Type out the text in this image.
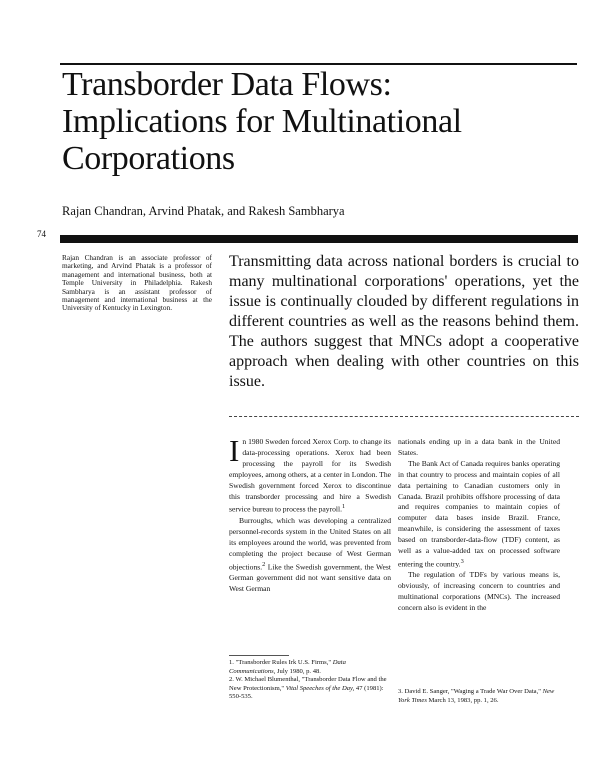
Transborder Data Flows:
Implications for Multinational
Corporations
Rajan Chandran, Arvind Phatak, and Rakesh Sambharya
74

Rajan Chandran is an associate professor of marketing, and Arvind Phatak is a professor of management and international business, both at Temple University in Philadelphia. Rakesh Sambharya is an assistant professor of management and international business at the University of Kentucky in Lexington.

Transmitting data across national borders is crucial to many multinational corporations' operations, yet the issue is continually clouded by different regulations in different countries as well as the reasons behind them. The authors suggest that MNCs adopt a cooperative approach when dealing with other countries on this issue.

In 1980 Sweden forced Xerox Corp. to change its data-processing operations. Xerox had been processing the payroll for its Swedish employees, among others, at a center in London. The Swedish government forced Xerox to discontinue this transborder processing and hire a Swedish service bureau to process the payroll.$^1$

Burroughs, which was developing a centralized personnel-records system in the United States on all its employees around the world, was prevented from completing the project because of West German objections.$^2$ Like the Swedish government, the West German government did not want sensitive data on West German

nationals ending up in a data bank in the United States.

The Bank Act of Canada requires banks operating in that country to process and maintain copies of all data pertaining to Canadian customers only in Canada. Brazil prohibits offshore processing of data and requires companies to maintain copies of computer data bases inside Brazil. France, meanwhile, is considering the assessment of taxes based on transborder-data-flow (TDF) content, as well as a value-added tax on processed software entering the country.$^3$

The regulation of TDFs by various means is, obviously, of increasing concern to countries and multinational corporations (MNCs). The increased concern also is evident in the

1. "Transborder Rules Irk U.S. Firms," Data Communications, July 1980, p. 48.

2. W. Michael Blumenthal, "Transborder Data Flow and the New Protectionism," Vital Speeches of the Day, 47 (1981): 550-535.

3. David E. Sanger, "Waging a Trade War Over Data," New York Times March 13, 1983, pp. 1, 26.
